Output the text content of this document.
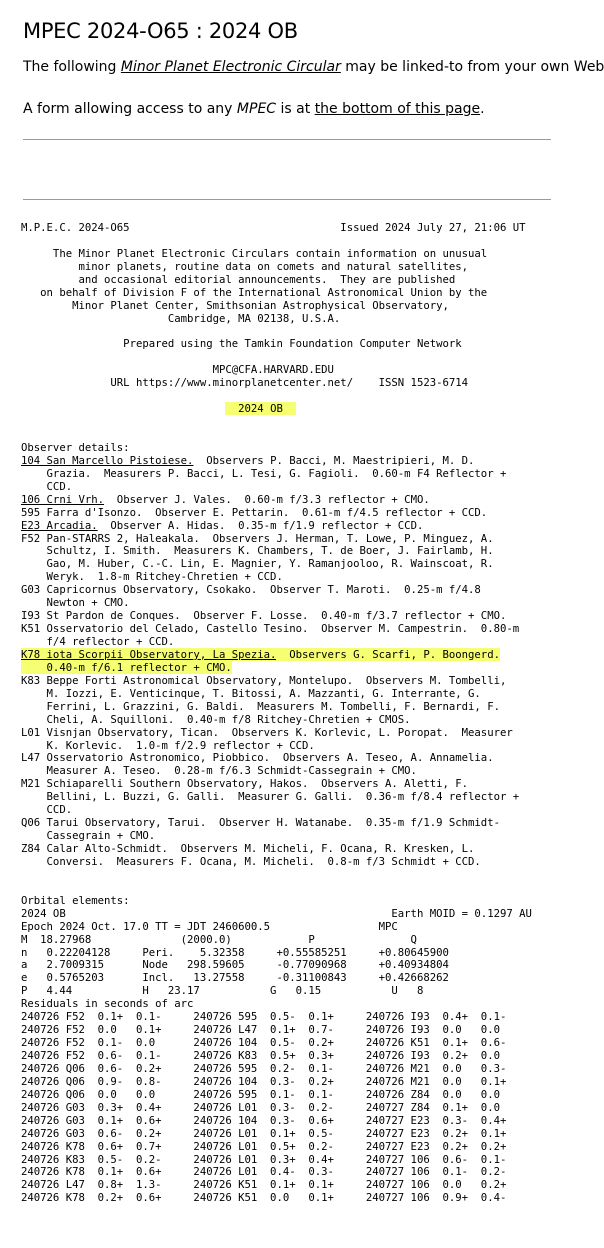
MPEC 2024-O65 : 2024 OB

The following Minor Planet Electronic Circular may be linked-to from your own Web

A form allowing access to any MPEC is at the bottom of this page.

M.P.E.C. 2024-O65                                 Issued 2024 July 27, 21:06 UT
The Minor Planet Electronic Circulars contain information on unusual
minor planets, routine data on comets and natural satellites,
and occasional editorial announcements.  They are published
on behalf of Division F of the International Astronomical Union by the
Minor Planet Center, Smithsonian Astrophysical Observatory,
Cambridge, MA 02138, U.S.A.
Prepared using the Tamkin Foundation Computer Network
MPC@CFA.HARVARD.EDU
URL https://www.minorplanetcenter.net/    ISSN 1523-6714
2024 OB
Observer details:
104 San Marcello Pistoiese.  Observers P. Bacci, M. Maestripieri, M. D.
Grazia.  Measurers P. Bacci, L. Tesi, G. Fagioli.  0.60-m F4 Reflector +
CCD.
106 Crni Vrh.  Observer J. Vales.  0.60-m f/3.3 reflector + CMO.
595 Farra d'Isonzo.  Observer E. Pettarin.  0.61-m f/4.5 reflector + CCD.
E23 Arcadia.  Observer A. Hidas.  0.35-m f/1.9 reflector + CCD.
F52 Pan-STARRS 2, Haleakala.  Observers J. Herman, T. Lowe, P. Minguez, A.
Schultz, I. Smith.  Measurers K. Chambers, T. de Boer, J. Fairlamb, H.
Gao, M. Huber, C.-C. Lin, E. Magnier, Y. Ramanjooloo, R. Wainscoat, R.
Weryk.  1.8-m Ritchey-Chretien + CCD.
G03 Capricornus Observatory, Csokako.  Observer T. Maroti.  0.25-m f/4.8
Newton + CMO.
I93 St Pardon de Conques.  Observer F. Losse.  0.40-m f/3.7 reflector + CMO.
K51 Osservatorio del Celado, Castello Tesino.  Observer M. Campestrin.  0.80-m
f/4 reflector + CCD.
K78 iota Scorpii Observatory, La Spezia.  Observers G. Scarfi, P. Boongerd.
0.40-m f/6.1 reflector + CMO.
K83 Beppe Forti Astronomical Observatory, Montelupo.  Observers M. Tombelli,
M. Iozzi, E. Venticinque, T. Bitossi, A. Mazzanti, G. Interrante, G.
Ferrini, L. Grazzini, G. Baldi.  Measurers M. Tombelli, F. Bernardi, F.
Cheli, A. Squilloni.  0.40-m f/8 Ritchey-Chretien + CMOS.
L01 Visnjan Observatory, Tican.  Observers K. Korlevic, L. Poropat.  Measurer
K. Korlevic.  1.0-m f/2.9 reflector + CCD.
L47 Osservatorio Astronomico, Piobbico.  Observers A. Teseo, A. Annamelia.
Measurer A. Teseo.  0.28-m f/6.3 Schmidt-Cassegrain + CMO.
M21 Schiaparelli Southern Observatory, Hakos.  Observers A. Aletti, F.
Bellini, L. Buzzi, G. Galli.  Measurer G. Galli.  0.36-m f/8.4 reflector +
CCD.
Q06 Tarui Observatory, Tarui.  Observer H. Watanabe.  0.35-m f/1.9 Schmidt-
Cassegrain + CMO.
Z84 Calar Alto-Schmidt.  Observers M. Micheli, F. Ocana, R. Kresken, L.
Conversi.  Measurers F. Ocana, M. Micheli.  0.8-m f/3 Schmidt + CCD.
Orbital elements:
2024 OB                                                   Earth MOID = 0.1297 AU
Epoch 2024 Oct. 17.0 TT = JDT 2460600.5                 MPC
M  18.27968              (2000.0)            P               Q
n   0.22204128     Peri.    5.32358     +0.55585251     +0.80645900
a   2.7009315      Node   298.59605     -0.77090968     +0.40934804
e   0.5765203      Incl.   13.27558     -0.31100843     +0.42668262
P   4.44           H   23.17           G   0.15           U   8
Residuals in seconds of arc
240726 F52  0.1+  0.1-     240726 595  0.5-  0.1+     240726 I93  0.4+  0.1-
240726 F52  0.0   0.1+     240726 L47  0.1+  0.7-     240726 I93  0.0   0.0
240726 F52  0.1-  0.0      240726 104  0.5-  0.2+     240726 K51  0.1+  0.6-
240726 F52  0.6-  0.1-     240726 K83  0.5+  0.3+     240726 I93  0.2+  0.0
240726 Q06  0.6-  0.2+     240726 595  0.2-  0.1-     240726 M21  0.0   0.3-
240726 Q06  0.9-  0.8-     240726 104  0.3-  0.2+     240726 M21  0.0   0.1+
240726 Q06  0.0   0.0      240726 595  0.1-  0.1-     240726 Z84  0.0   0.0
240726 G03  0.3+  0.4+     240726 L01  0.3-  0.2-     240727 Z84  0.1+  0.0
240726 G03  0.1+  0.6+     240726 104  0.3-  0.6+     240727 E23  0.3-  0.4+
240726 G03  0.6-  0.2+     240726 L01  0.1+  0.5-     240727 E23  0.2+  0.1+
240726 K78  0.6+  0.7+     240726 L01  0.5+  0.2-     240727 E23  0.2+  0.2+
240726 K83  0.5-  0.2-     240726 L01  0.3+  0.4+     240727 106  0.6-  0.1-
240726 K78  0.1+  0.6+     240726 L01  0.4-  0.3-     240727 106  0.1-  0.2-
240726 L47  0.8+  1.3-     240726 K51  0.1+  0.1+     240727 106  0.0   0.2+
240726 K78  0.2+  0.6+     240726 K51  0.0   0.1+     240727 106  0.9+  0.4-
